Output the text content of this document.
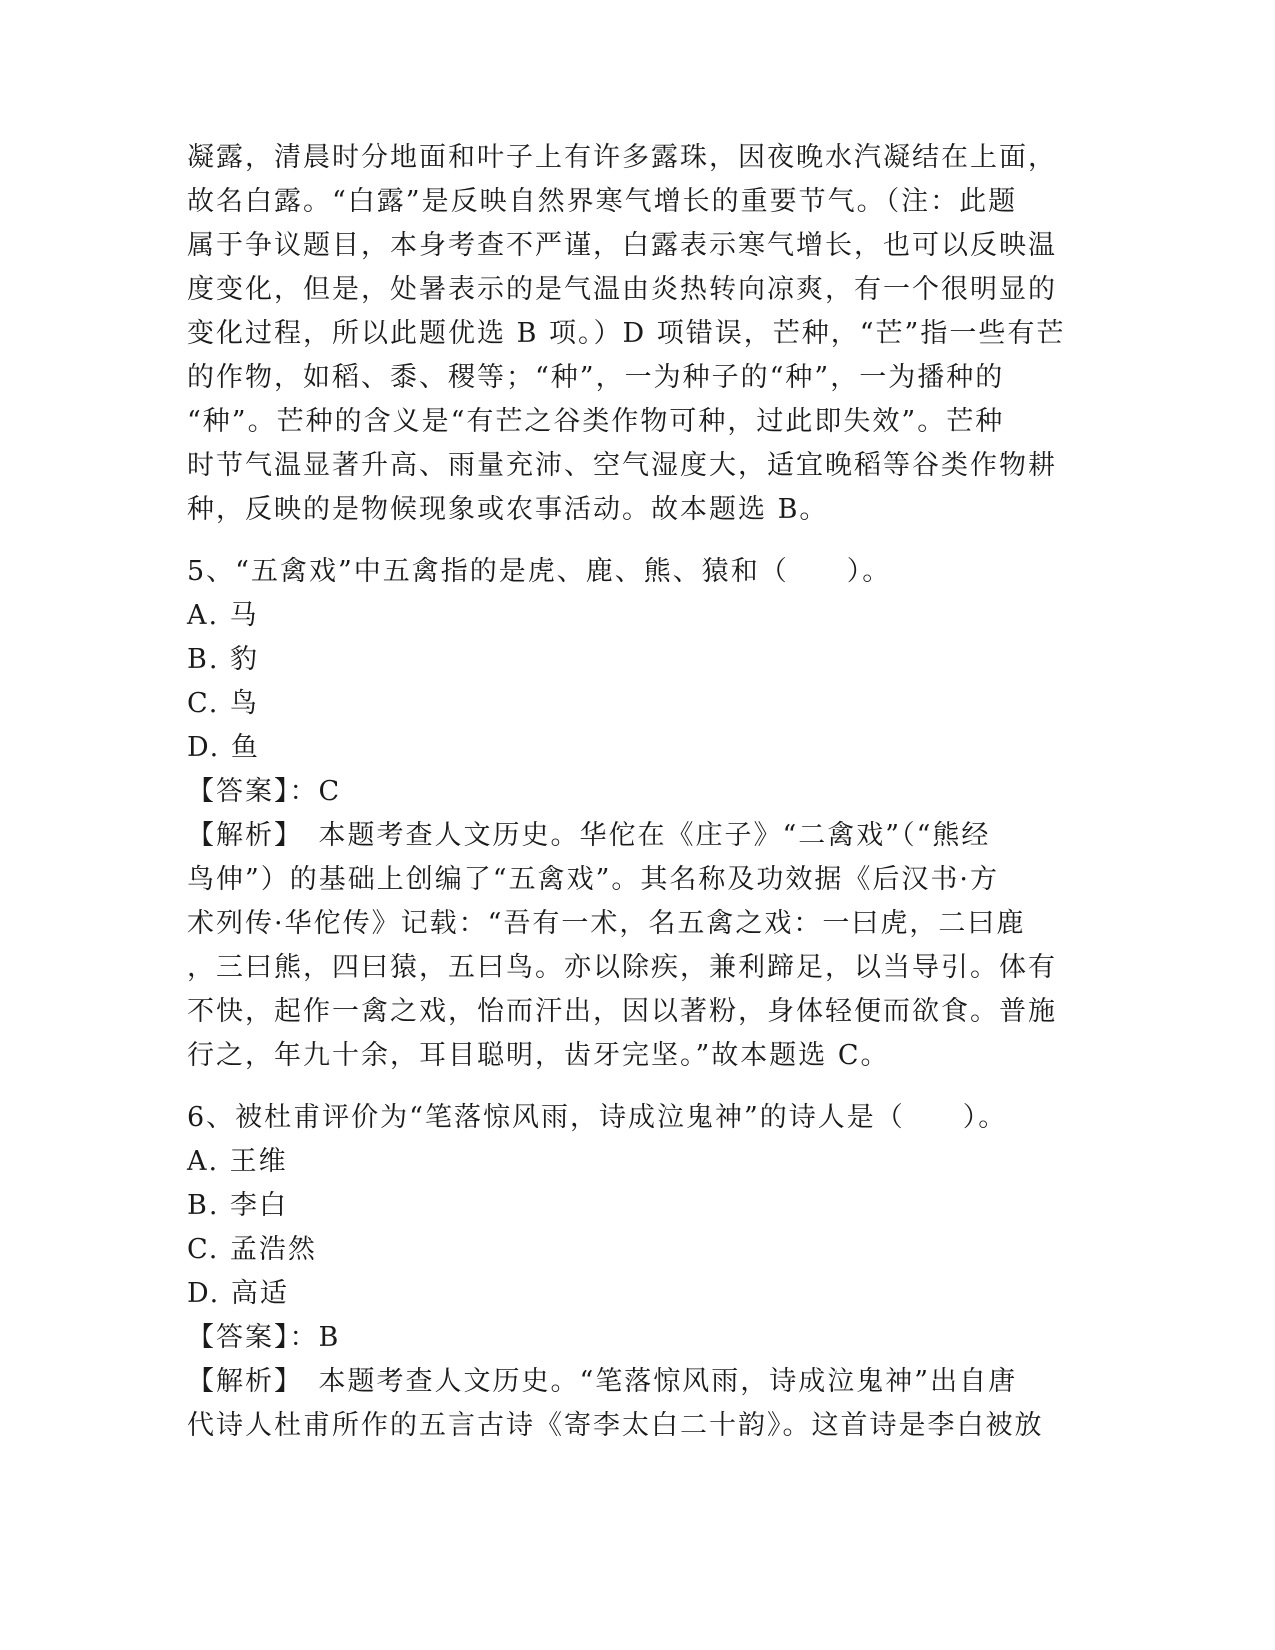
凝露，清晨时分地面和叶子上有许多露珠，因夜晚水汽凝结在上面，
故名白露。“白露”是反映自然界寒气增长的重要节气。（注：此题
属于争议题目，本身考查不严谨，白露表示寒气增长，也可以反映温
度变化，但是，处暑表示的是气温由炎热转向凉爽，有一个很明显的
变化过程，所以此题优选 B 项。）D 项错误，芒种，“芒”指一些有芒
的作物，如稻、黍、稷等；“种”，一为种子的“种”，一为播种的
“种”。芒种的含义是“有芒之谷类作物可种，过此即失效”。芒种
时节气温显著升高、雨量充沛、空气湿度大，适宜晚稻等谷类作物耕
种，反映的是物候现象或农事活动。故本题选 B。
5、“五禽戏”中五禽指的是虎、鹿、熊、猿和（　　）。
A. 马
B. 豹
C. 鸟
D. 鱼
【答案】：C
【解析】　本题考查人文历史。华佗在《庄子》“二禽戏”（“熊经
鸟伸”）的基础上创编了“五禽戏”。其名称及功效据《后汉书·方
术列传·华佗传》记载：“吾有一术，名五禽之戏：一曰虎，二曰鹿
，三曰熊，四曰猿，五曰鸟。亦以除疾，兼利蹄足，以当导引。体有
不快，起作一禽之戏，怡而汗出，因以著粉，身体轻便而欲食。普施
行之，年九十余，耳目聪明，齿牙完坚。”故本题选 C。
6、被杜甫评价为“笔落惊风雨，诗成泣鬼神”的诗人是（　　）。
A. 王维
B. 李白
C. 孟浩然
D. 高适
【答案】：B
【解析】　本题考查人文历史。“笔落惊风雨，诗成泣鬼神”出自唐
代诗人杜甫所作的五言古诗《寄李太白二十韵》。这首诗是李白被放
